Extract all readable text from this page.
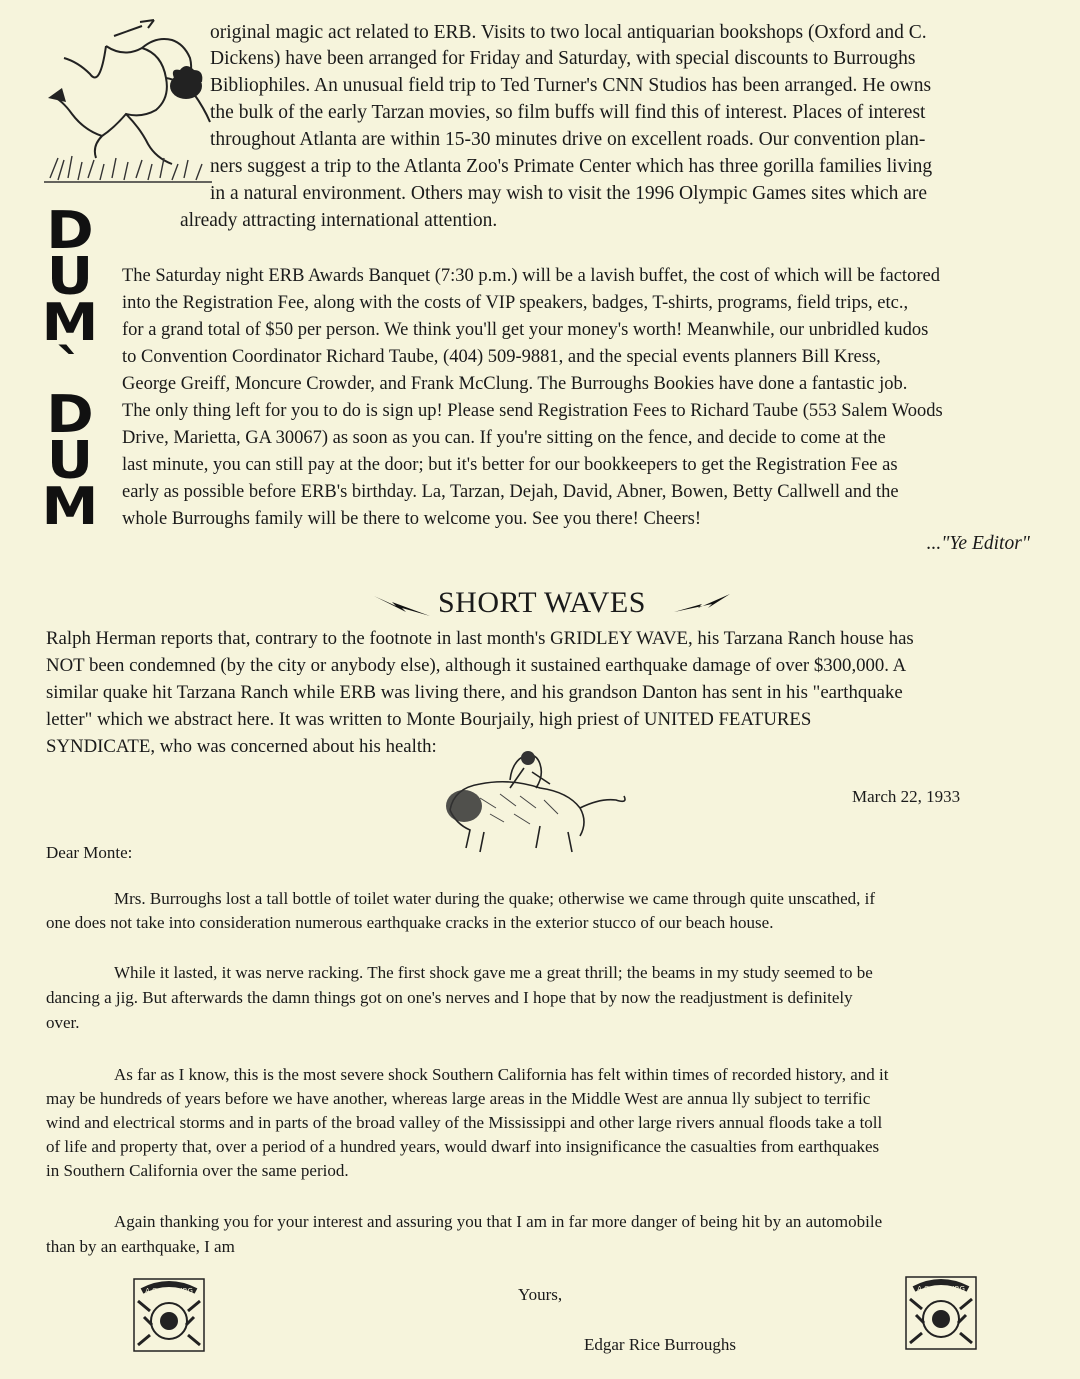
D
U
M
`
D
U
M
original magic act related to ERB. Visits to two local antiquarian bookshops (Oxford and C.
Dickens) have been arranged for Friday and Saturday, with special discounts to Burroughs
Bibliophiles. An unusual field trip to Ted Turner's CNN Studios has been arranged. He owns
the bulk of the early Tarzan movies, so film buffs will find this of interest. Places of interest
throughout Atlanta are within 15-30 minutes drive on excellent roads. Our convention plan-
ners suggest a trip to the Atlanta Zoo's Primate Center which has three gorilla families living
in a natural environment. Others may wish to visit the 1996 Olympic Games sites which are
already attracting international attention.
The Saturday night ERB Awards Banquet (7:30 p.m.) will be a lavish buffet, the cost of which will be factored
into the Registration Fee, along with the costs of VIP speakers, badges, T-shirts, programs, field trips, etc.,
for a grand total of $50 per person. We think you'll get your money's worth! Meanwhile, our unbridled kudos
to Convention Coordinator Richard Taube, (404) 509-9881, and the special events planners Bill Kress,
George Greiff, Moncure Crowder, and Frank McClung. The Burroughs Bookies have done a fantastic job.
The only thing left for you to do is sign up! Please send Registration Fees to Richard Taube (553 Salem Woods
Drive, Marietta, GA 30067) as soon as you can. If you're sitting on the fence, and decide to come at the
last minute, you can still pay at the door; but it's better for our bookkeepers to get the Registration Fee as
early as possible before ERB's birthday. La, Tarzan, Dejah, David, Abner, Bowen, Betty Callwell and the
whole Burroughs family will be there to welcome you. See you there! Cheers!
..."Ye Editor"
SHORT WAVES
Ralph Herman reports that, contrary to the footnote in last month's GRIDLEY WAVE, his Tarzana Ranch house has
NOT been condemned (by the city or anybody else), although it sustained earthquake damage of over $300,000. A
similar quake hit Tarzana Ranch while ERB was living there, and his grandson Danton has sent in his "earthquake
letter" which we abstract here. It was written to Monte Bourjaily, high priest of UNITED FEATURES
SYNDICATE, who was concerned about his health:
March 22, 1933
Dear Monte:
Mrs. Burroughs lost a tall bottle of toilet water during the quake; otherwise we came through quite unscathed, if
one does not take into consideration numerous earthquake cracks in the exterior stucco of our beach house.
While it lasted, it was nerve racking. The first shock gave me a great thrill; the beams in my study seemed to be
dancing a jig. But afterwards the damn things got on one's nerves and I hope that by now the readjustment is definitely
over.
As far as I know, this is the most severe shock Southern California has felt within times of recorded history, and it
may be hundreds of years before we have another, whereas large areas in the Middle West are annua lly subject to terrific
wind and electrical storms and in parts of the broad valley of the Mississippi and other large rivers annual floods take a toll
of life and property that, over a period of a hundred years, would dwarf into insignificance the casualties from earthquakes
in Southern California over the same period.
Again thanking you for your interest and assuring you that I am in far more danger of being hit by an automobile
than by an earthquake, I am
A.C.McCLURG	A.C.McCLURG
Yours,
Edgar Rice Burroughs
